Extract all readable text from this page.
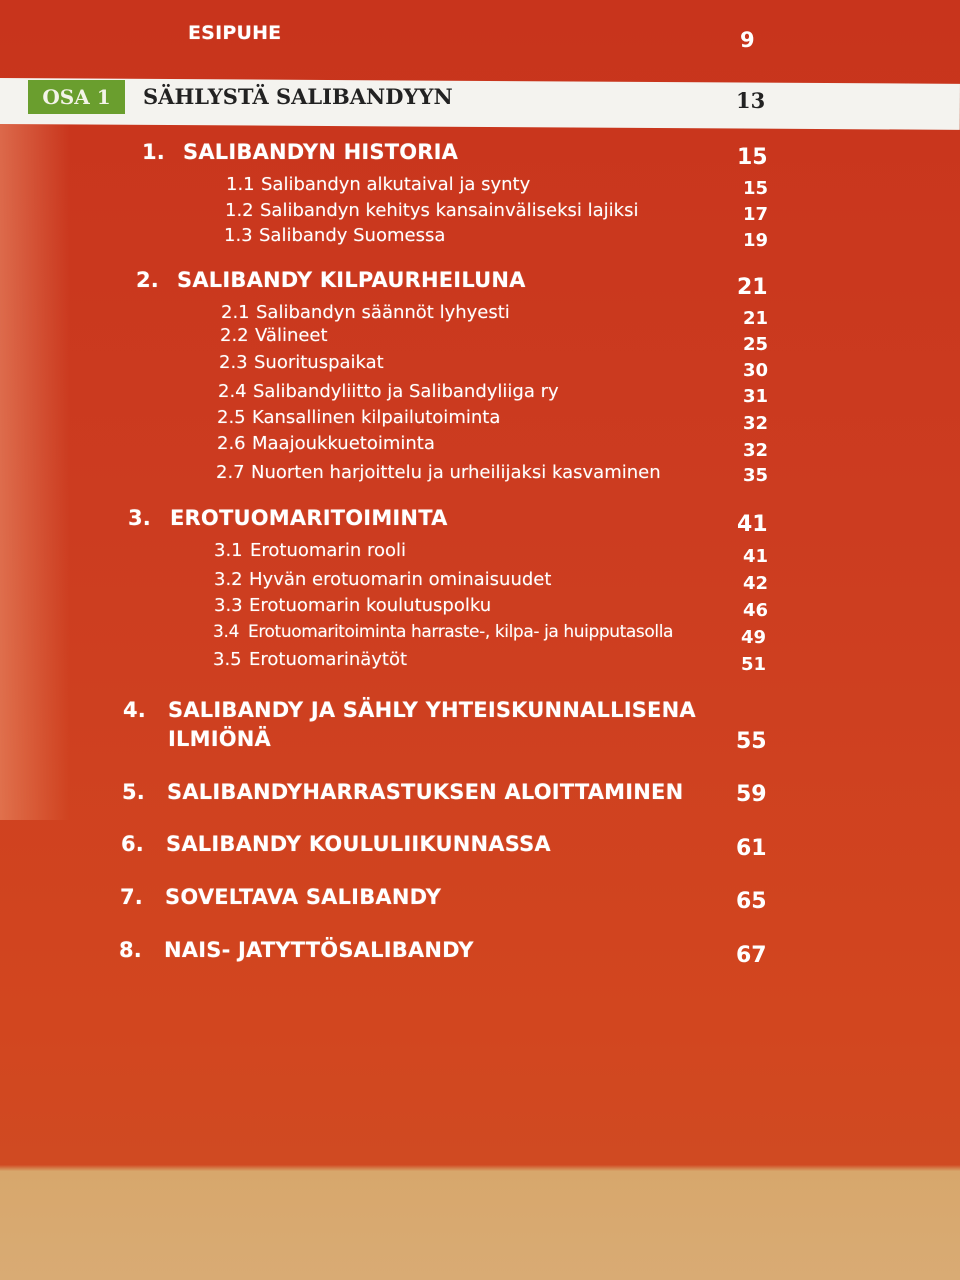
ESIPUHE	9
OSA 1	SÄHLYSTÄ SALIBANDYYN	13
1. SALIBANDYN HISTORIA	15
1.1 Salibandyn alkutaival ja synty	15
1.2 Salibandyn kehitys kansainväliseksi lajiksi	17
1.3 Salibandy Suomessa	19
2. SALIBANDY KILPAURHEILUNA	21
2.1 Salibandyn säännöt lyhyesti	21
2.2 Välineet	25
2.3 Suorituspaikat	30
2.4 Salibandyliitto ja Salibandyliiga ry	31
2.5 Kansallinen kilpailutoiminta	32
2.6 Maajoukkuetoiminta	32
2.7 Nuorten harjoittelu ja urheilijaksi kasvaminen	35
3. EROTUOMARITOIMINTA	41
3.1 Erotuomarin rooli	41
3.2 Hyvän erotuomarin ominaisuudet	42
3.3 Erotuomarin koulutuspolku	46
3.4 Erotuomaritoiminta harraste-, kilpa- ja huipputasolla	49
3.5 Erotuomarinäytöt	51
4. SALIBANDY JA SÄHLY YHTEISKUNNALLISENA
ILMIÖNÄ	55
5. SALIBANDYHARRASTUKSEN ALOITTAMINEN 59
6. SALIBANDY KOULULIIKUNNASSA	61
7. SOVELTAVA SALIBANDY	65
8. NAIS- JATYTTÖSALIBANDY	67
